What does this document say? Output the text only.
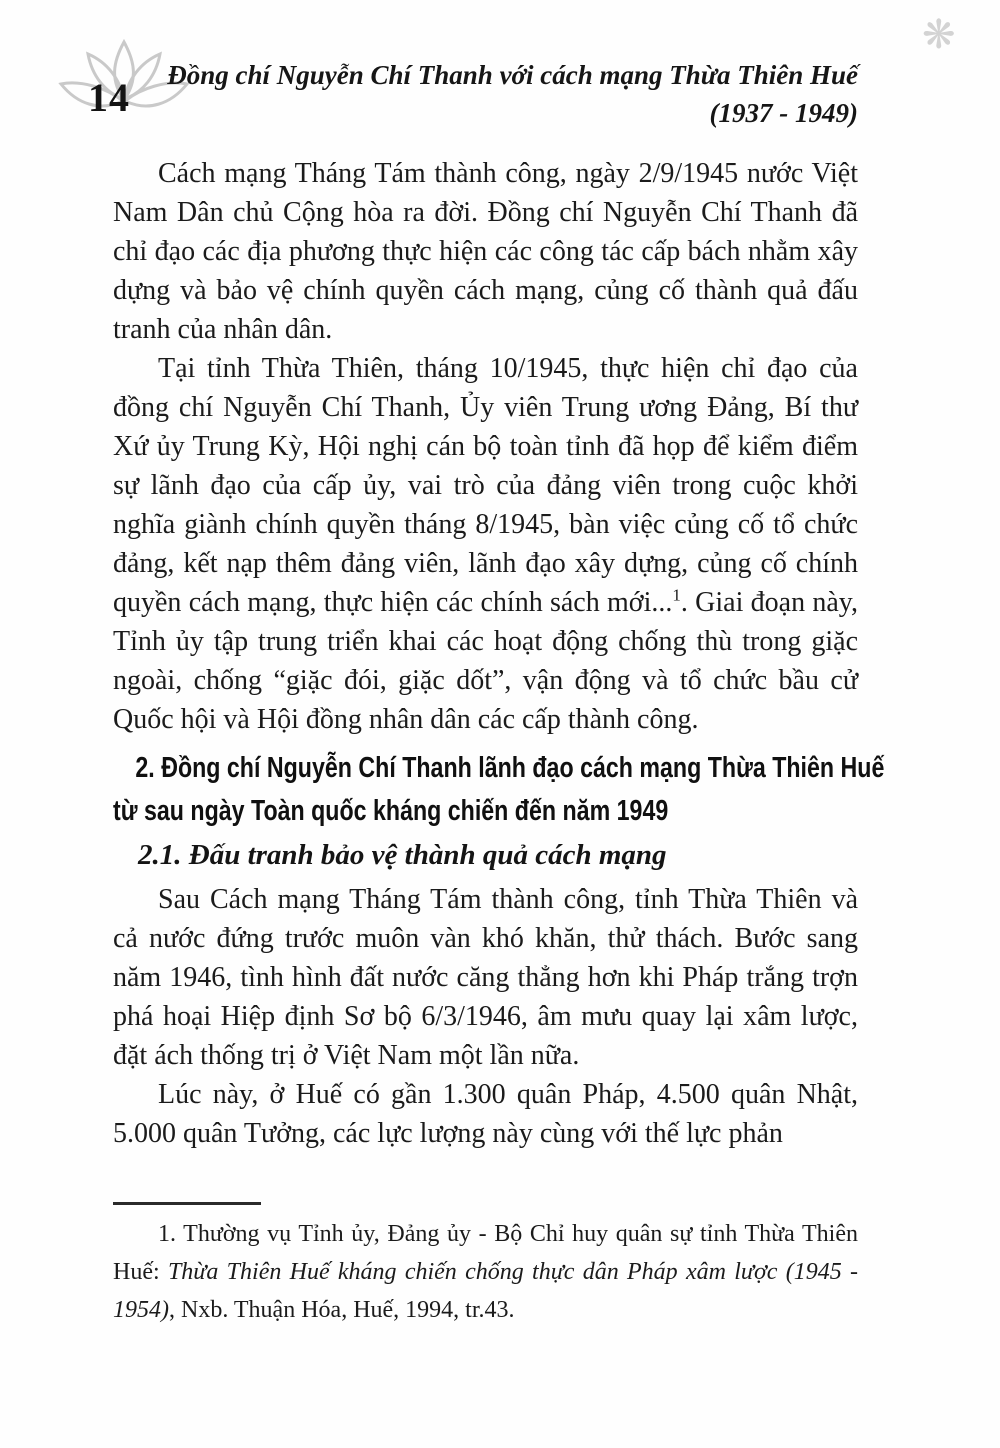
14
❋
Đồng chí Nguyễn Chí Thanh với cách mạng Thừa Thiên Huế
(1937 - 1949)

Cách mạng Tháng Tám thành công, ngày 2/9/1945 nước Việt Nam Dân chủ Cộng hòa ra đời. Đồng chí Nguyễn Chí Thanh đã chỉ đạo các địa phương thực hiện các công tác cấp bách nhằm xây dựng và bảo vệ chính quyền cách mạng, củng cố thành quả đấu tranh của nhân dân.

Tại tỉnh Thừa Thiên, tháng 10/1945, thực hiện chỉ đạo của đồng chí Nguyễn Chí Thanh, Ủy viên Trung ương Đảng, Bí thư Xứ ủy Trung Kỳ, Hội nghị cán bộ toàn tỉnh đã họp để kiểm điểm sự lãnh đạo của cấp ủy, vai trò của đảng viên trong cuộc khởi nghĩa giành chính quyền tháng 8/1945, bàn việc củng cố tổ chức đảng, kết nạp thêm đảng viên, lãnh đạo xây dựng, củng cố chính quyền cách mạng, thực hiện các chính sách mới...$^1$. Giai đoạn này, Tỉnh ủy tập trung triển khai các hoạt động chống thù trong giặc ngoài, chống “giặc đói, giặc dốt”, vận động và tổ chức bầu cử Quốc hội và Hội đồng nhân dân các cấp thành công.

2. Đồng chí Nguyễn Chí Thanh lãnh đạo cách mạng Thừa Thiên Huế
từ sau ngày Toàn quốc kháng chiến đến năm 1949
2.1. Đấu tranh bảo vệ thành quả cách mạng

Sau Cách mạng Tháng Tám thành công, tỉnh Thừa Thiên và cả nước đứng trước muôn vàn khó khăn, thử thách. Bước sang năm 1946, tình hình đất nước căng thẳng hơn khi Pháp trắng trợn phá hoại Hiệp định Sơ bộ 6/3/1946, âm mưu quay lại xâm lược, đặt ách thống trị ở Việt Nam một lần nữa.

Lúc này, ở Huế có gần 1.300 quân Pháp, 4.500 quân Nhật, 5.000 quân Tưởng, các lực lượng này cùng với thế lực phản

1. Thường vụ Tỉnh ủy, Đảng ủy - Bộ Chỉ huy quân sự tỉnh Thừa Thiên Huế: Thừa Thiên Huế kháng chiến chống thực dân Pháp xâm lược (1945 - 1954), Nxb. Thuận Hóa, Huế, 1994, tr.43.
